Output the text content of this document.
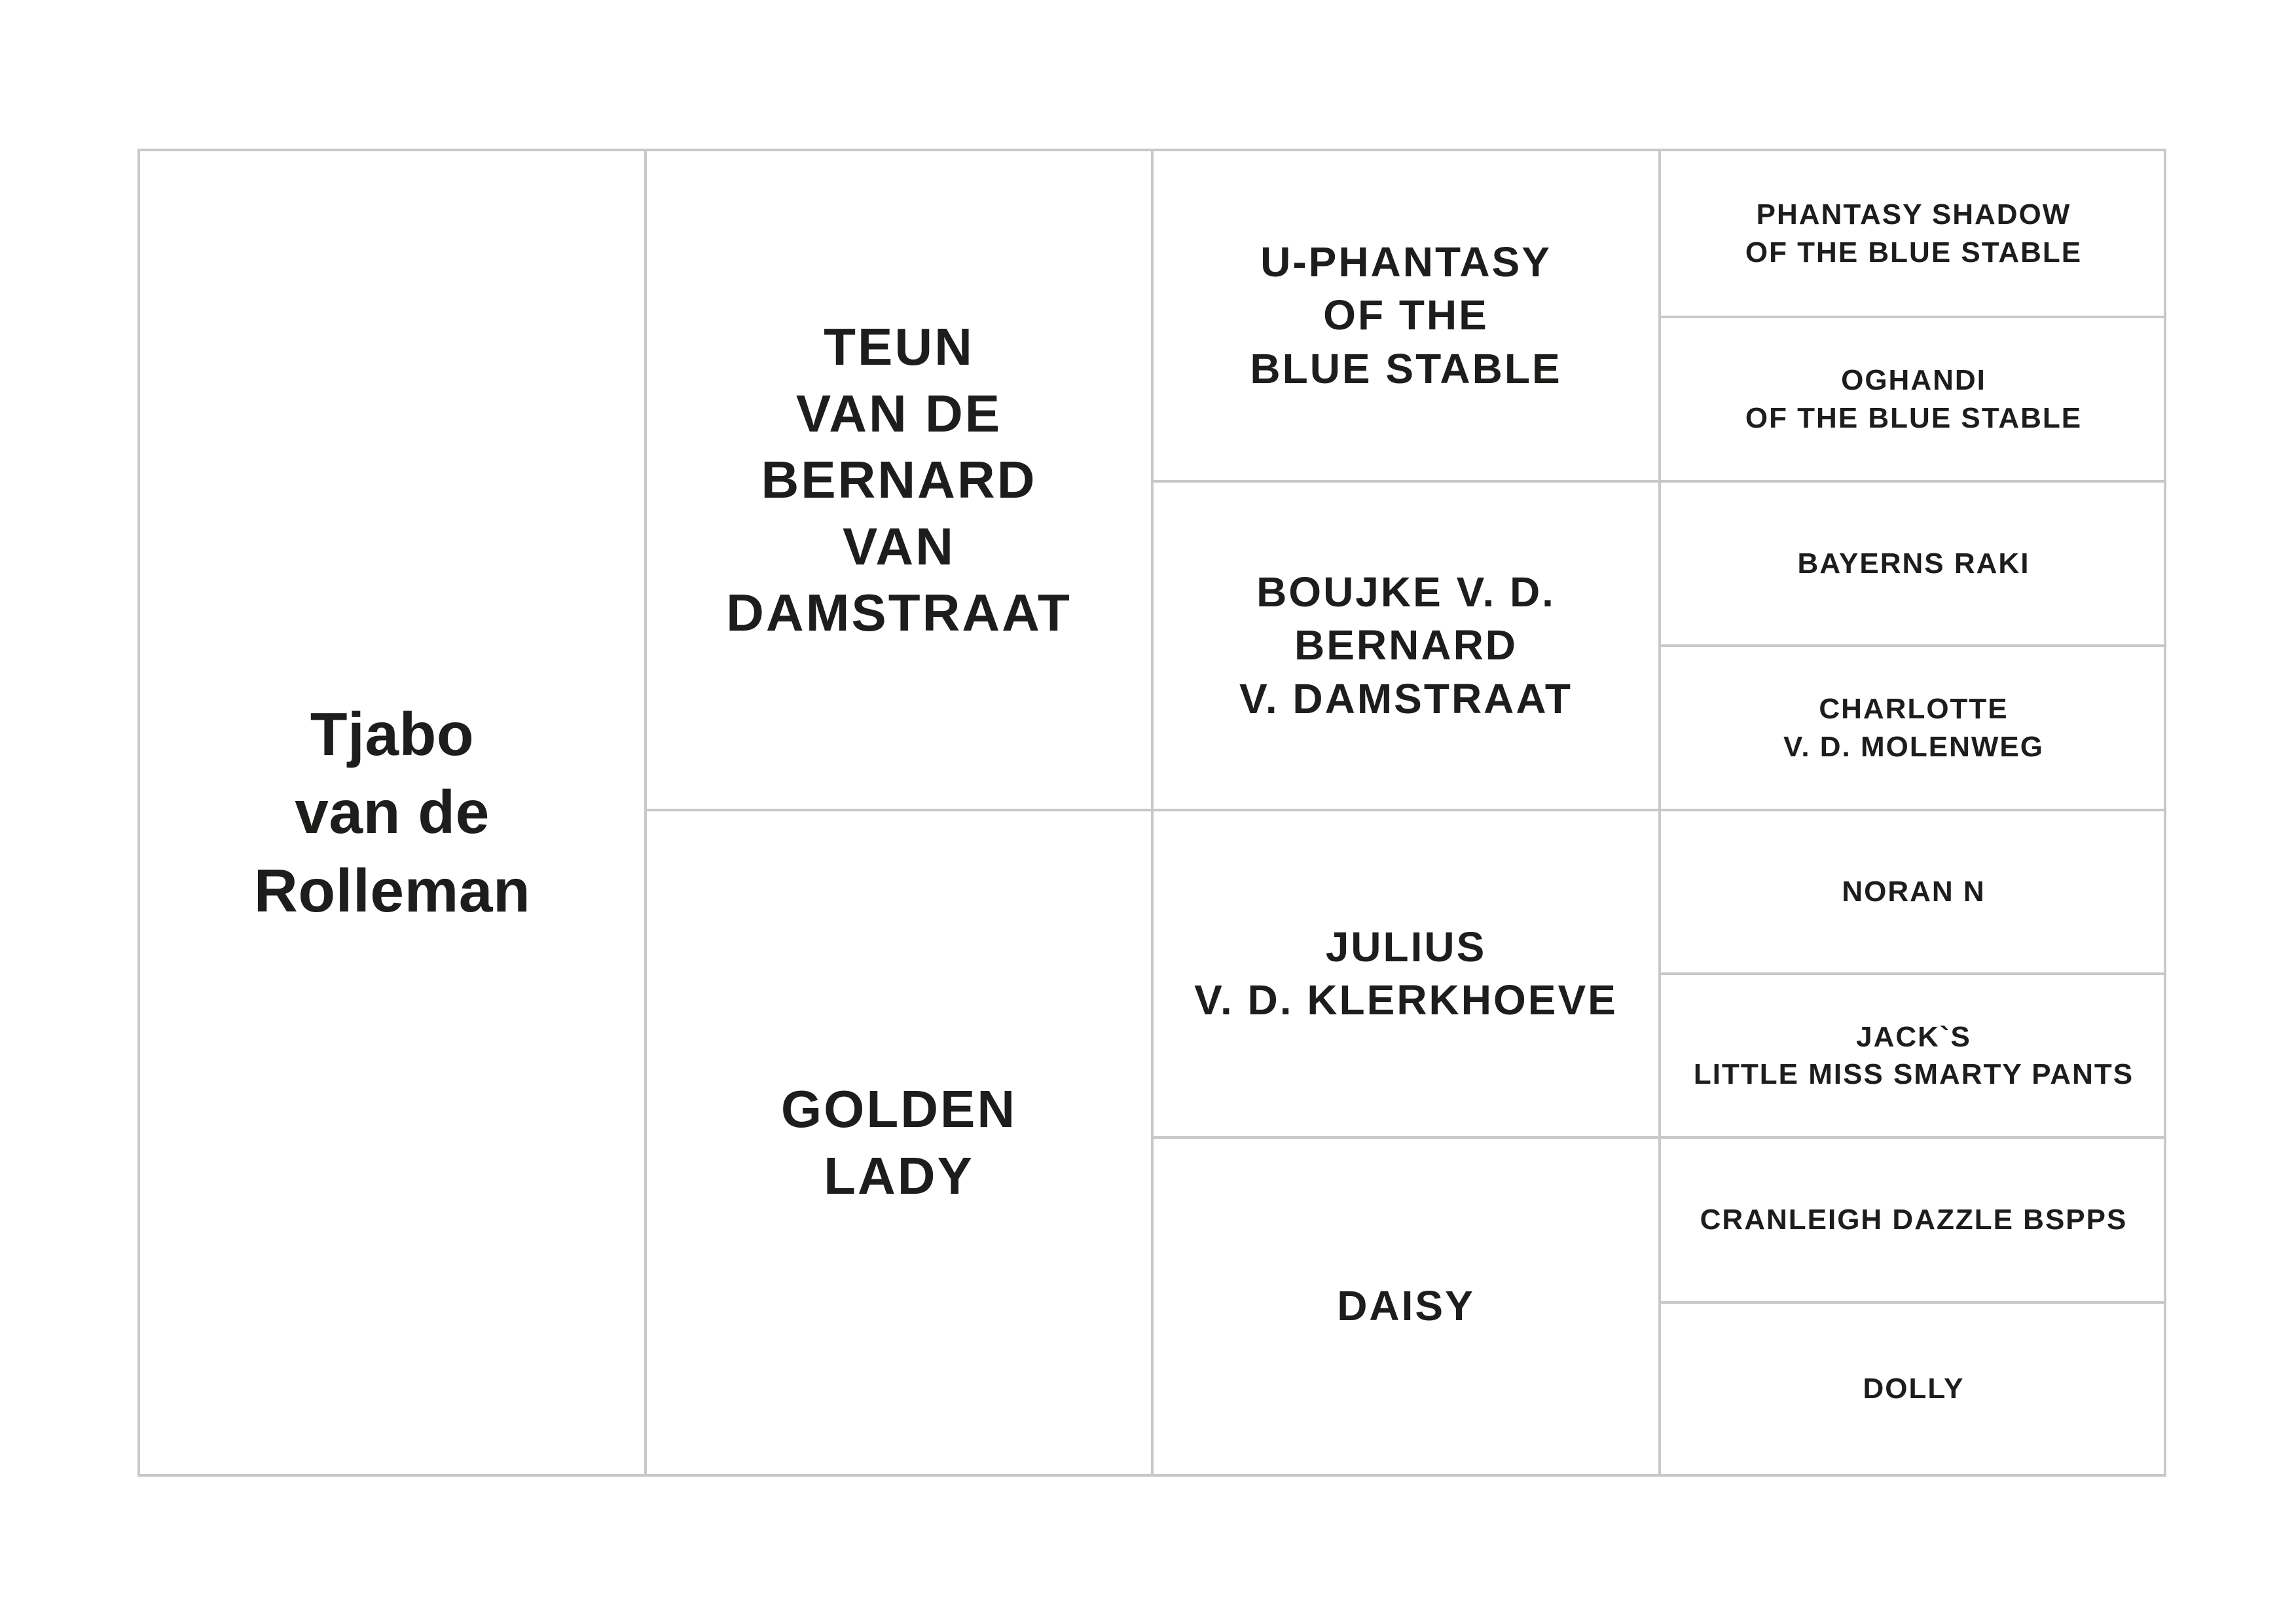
Tjabo
van de
Rolleman
TEUN
VAN DE
BERNARD
VAN
DAMSTRAAT
GOLDEN
LADY
U-PHANTASY
OF THE
BLUE STABLE
BOUJKE V. D.
BERNARD
V. DAMSTRAAT
JULIUS
V. D. KLERKHOEVE
DAISY
PHANTASY SHADOW
OF THE BLUE STABLE
OGHANDI
OF THE BLUE STABLE
BAYERNS RAKI
CHARLOTTE
V. D. MOLENWEG
NORAN N
JACK`S
LITTLE MISS SMARTY PANTS
CRANLEIGH DAZZLE BSPPS
DOLLY
